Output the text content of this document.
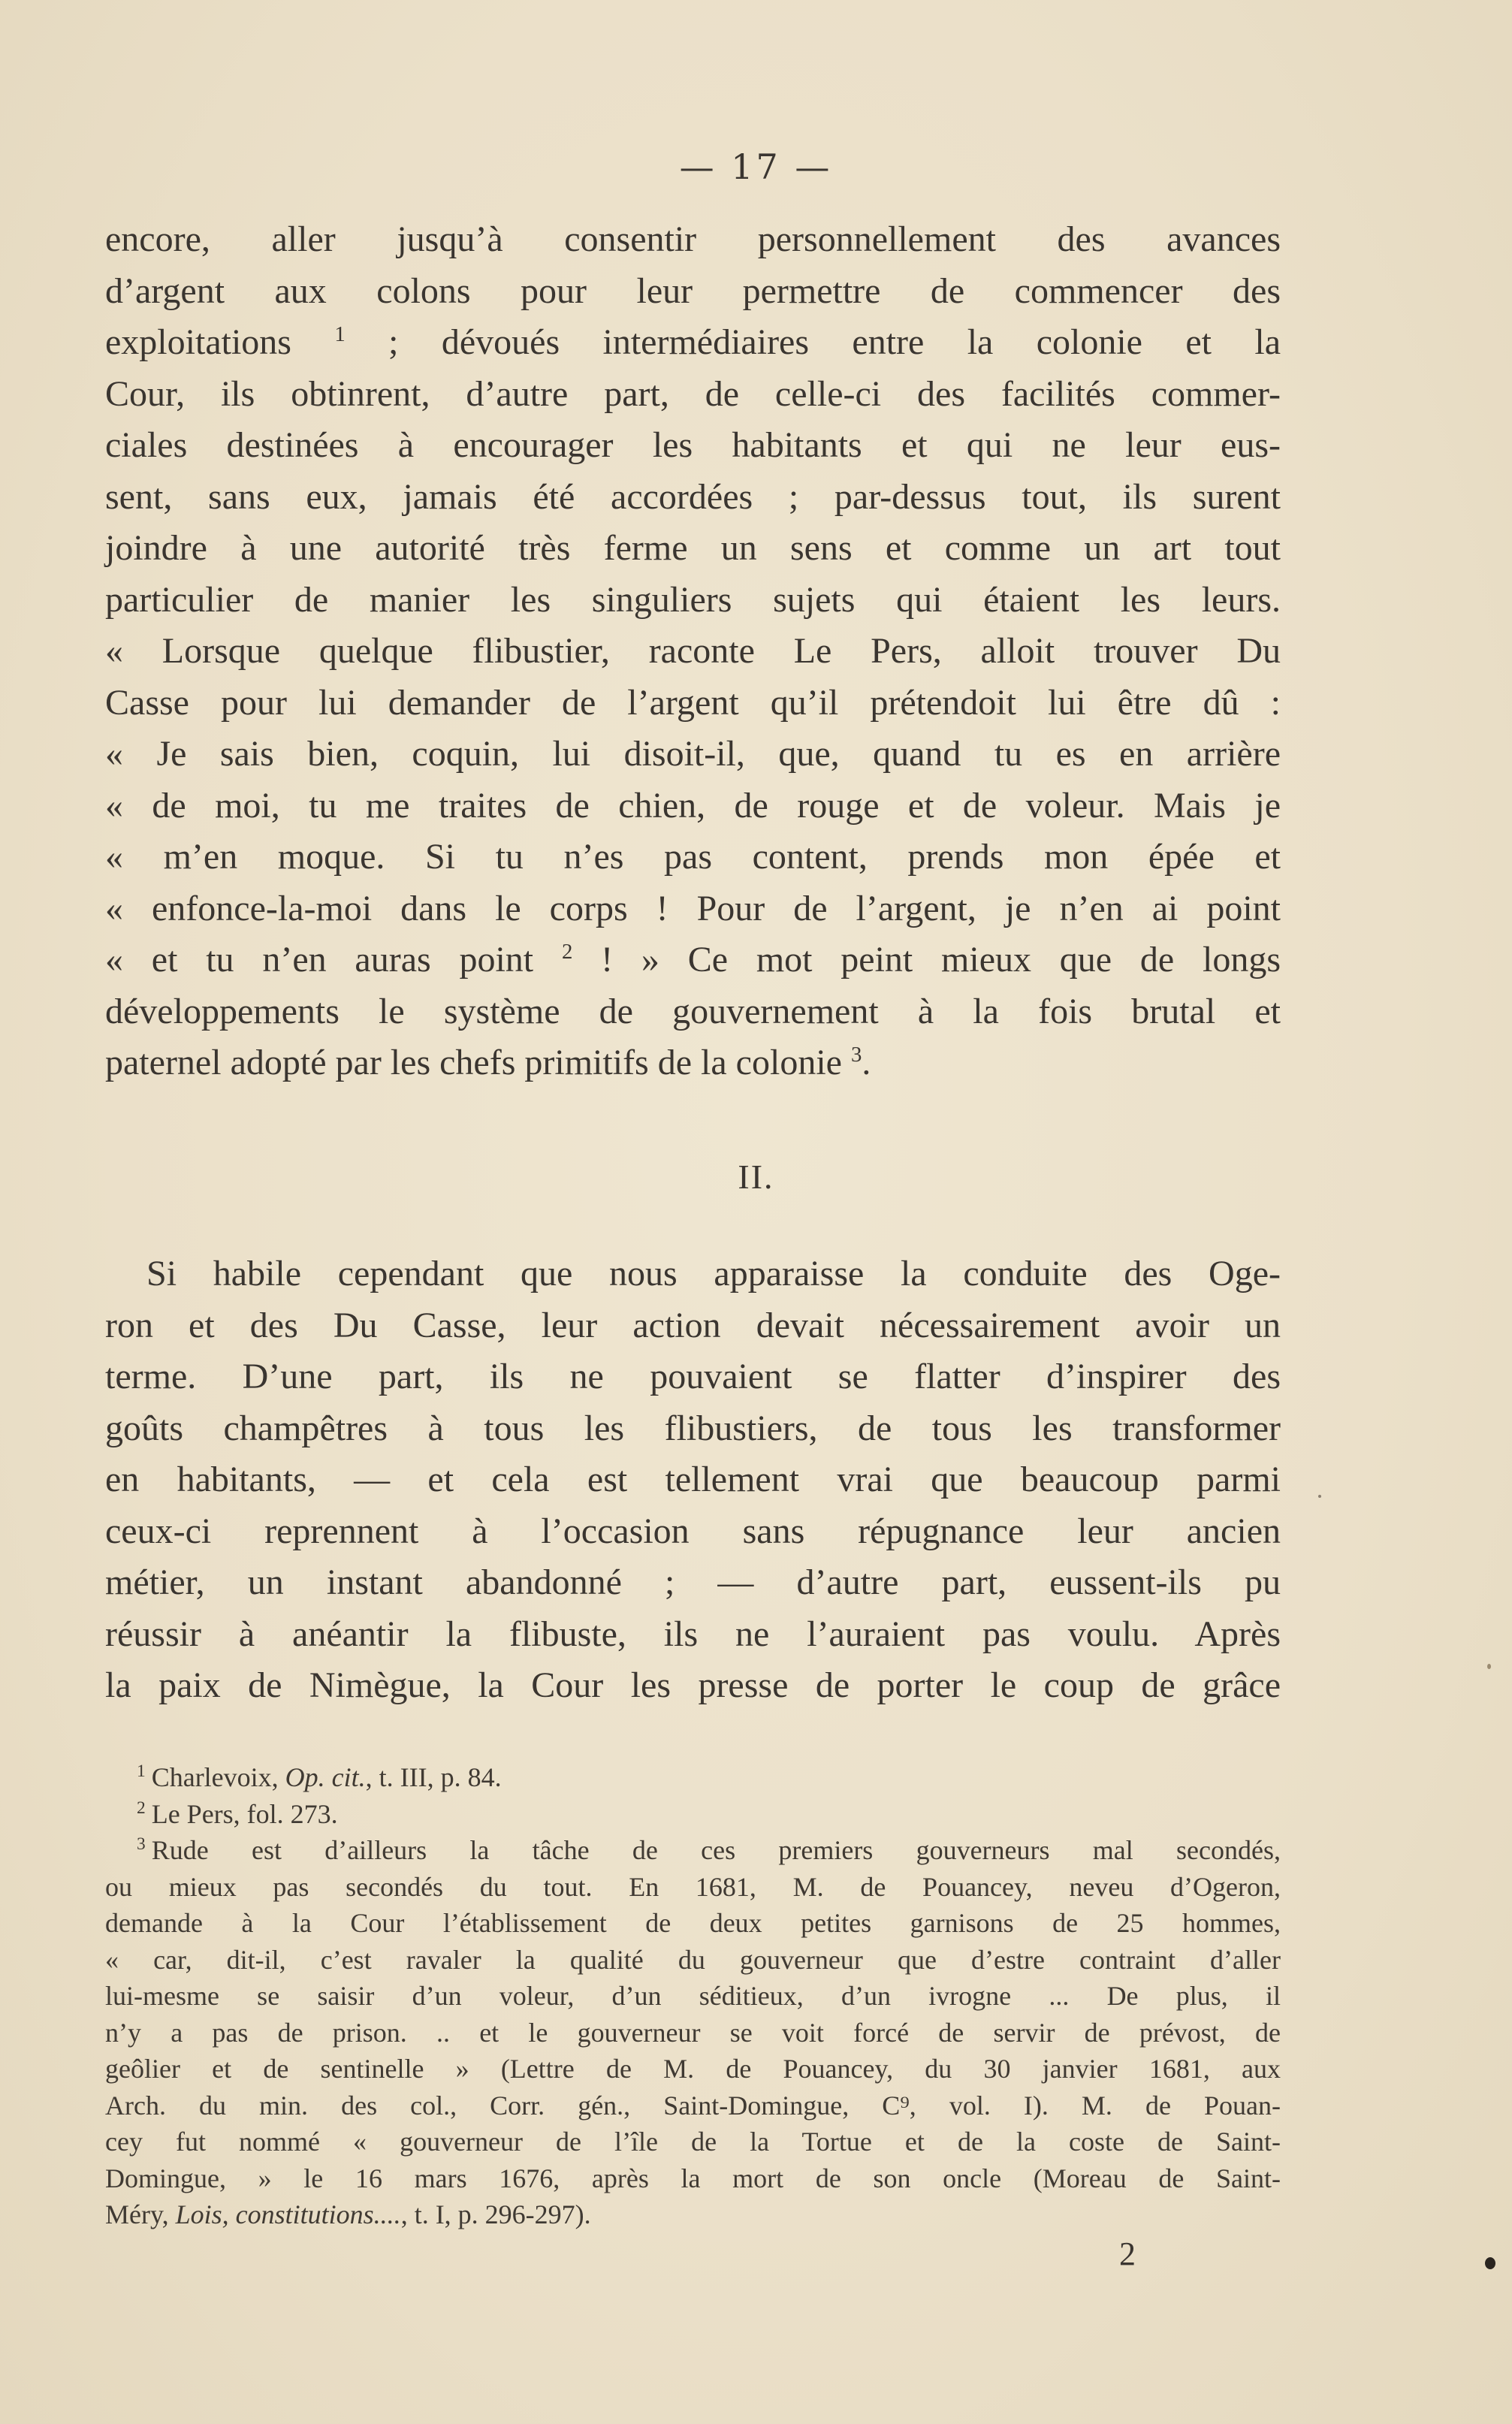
— 17 —
encore, aller jusqu’à consentir personnellement des avances
d’argent aux colons pour leur permettre de commencer des
exploitations $^1$ ; dévoués intermédiaires entre la colonie et la
Cour, ils obtinrent, d’autre part, de celle-ci des facilités commer-
ciales destinées à encourager les habitants et qui ne leur eus-
sent, sans eux, jamais été accordées ; par-dessus tout, ils surent
joindre à une autorité très ferme un sens et comme un art tout
particulier de manier les singuliers sujets qui étaient les leurs.
« Lorsque quelque flibustier, raconte Le Pers, alloit trouver Du
Casse pour lui demander de l’argent qu’il prétendoit lui être dû :
« Je sais bien, coquin, lui disoit-il, que, quand tu es en arrière
« de moi, tu me traites de chien, de rouge et de voleur. Mais je
« m’en moque. Si tu n’es pas content, prends mon épée et
« enfonce-la-moi dans le corps ! Pour de l’argent, je n’en ai point
« et tu n’en auras point $^2$ ! » Ce mot peint mieux que de longs
développements le système de gouvernement à la fois brutal et
paternel adopté par les chefs primitifs de la colonie $^3$.
II.
Si habile cependant que nous apparaisse la conduite des Oge-
ron et des Du Casse, leur action devait nécessairement avoir un
terme. D’une part, ils ne pouvaient se flatter d’inspirer des
goûts champêtres à tous les flibustiers, de tous les transformer
en habitants, — et cela est tellement vrai que beaucoup parmi
ceux-ci reprennent à l’occasion sans répugnance leur ancien
métier, un instant abandonné ; — d’autre part, eussent-ils pu
réussir à anéantir la flibuste, ils ne l’auraient pas voulu. Après
la paix de Nimègue, la Cour les presse de porter le coup de grâce
$^1$ Charlevoix, Op. cit., t. III, p. 84.
$^2$ Le Pers, fol. 273.
$^3$ Rude est d’ailleurs la tâche de ces premiers gouverneurs mal secondés,
ou mieux pas secondés du tout. En 1681, M. de Pouancey, neveu d’Ogeron,
demande à la Cour l’établissement de deux petites garnisons de 25 hommes,
« car, dit-il, c’est ravaler la qualité du gouverneur que d’estre contraint d’aller
lui-mesme se saisir d’un voleur, d’un séditieux, d’un ivrogne ... De plus, il
n’y a pas de prison. .. et le gouverneur se voit forcé de servir de prévost, de
geôlier et de sentinelle » (Lettre de M. de Pouancey, du 30 janvier 1681, aux
Arch. du min. des col., Corr. gén., Saint-Domingue, C⁹, vol. I). M. de Pouan-
cey fut nommé « gouverneur de l’île de la Tortue et de la coste de Saint-
Domingue, » le 16 mars 1676, après la mort de son oncle (Moreau de Saint-
Méry, Lois, constitutions...., t. I, p. 296-297).
2
